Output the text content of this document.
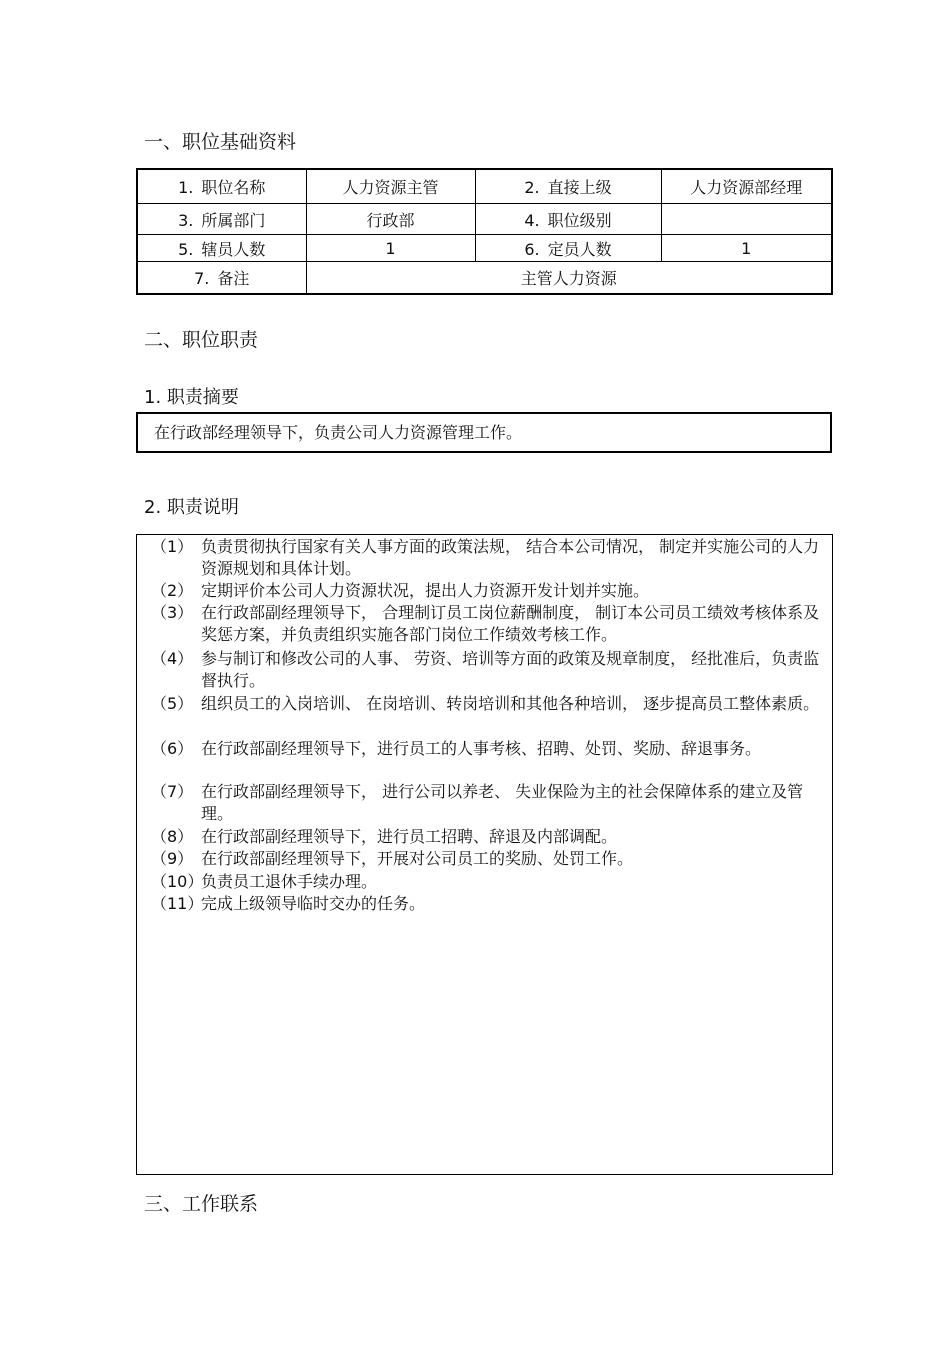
一、职位基础资料
1. 职位名称	人力资源主管	2. 直接上级	人力资源部经理
3. 所属部门	行政部	4. 职位级别	
5. 辖员人数	1	6. 定员人数	1
7. 备注	主管人力资源		
二、职位职责
1. 职责摘要
在行政部经理领导下，负责公司人力资源管理工作。
2. 职责说明
（1） 负责贯彻执行国家有关人事方面的政策法规， 结合本公司情况， 制定并实施公司的人力资源规划和具体计划。
（2） 定期评价本公司人力资源状况，提出人力资源开发计划并实施。
（3） 在行政部副经理领导下， 合理制订员工岗位薪酬制度， 制订本公司员工绩效考核体系及奖惩方案，并负责组织实施各部门岗位工作绩效考核工作。
（4） 参与制订和修改公司的人事、 劳资、培训等方面的政策及规章制度， 经批准后，负责监督执行。
（5） 组织员工的入岗培训、 在岗培训、转岗培训和其他各种培训， 逐步提高员工整体素质。
（6） 在行政部副经理领导下，进行员工的人事考核、招聘、处罚、奖励、辞退事务。
（7） 在行政部副经理领导下， 进行公司以养老、 失业保险为主的社会保障体系的建立及管理。
（8） 在行政部副经理领导下，进行员工招聘、辞退及内部调配。
（9） 在行政部副经理领导下，开展对公司员工的奖励、处罚工作。
（10）
负责员工退休手续办理。
（11）
完成上级领导临时交办的任务。
三、工作联系
